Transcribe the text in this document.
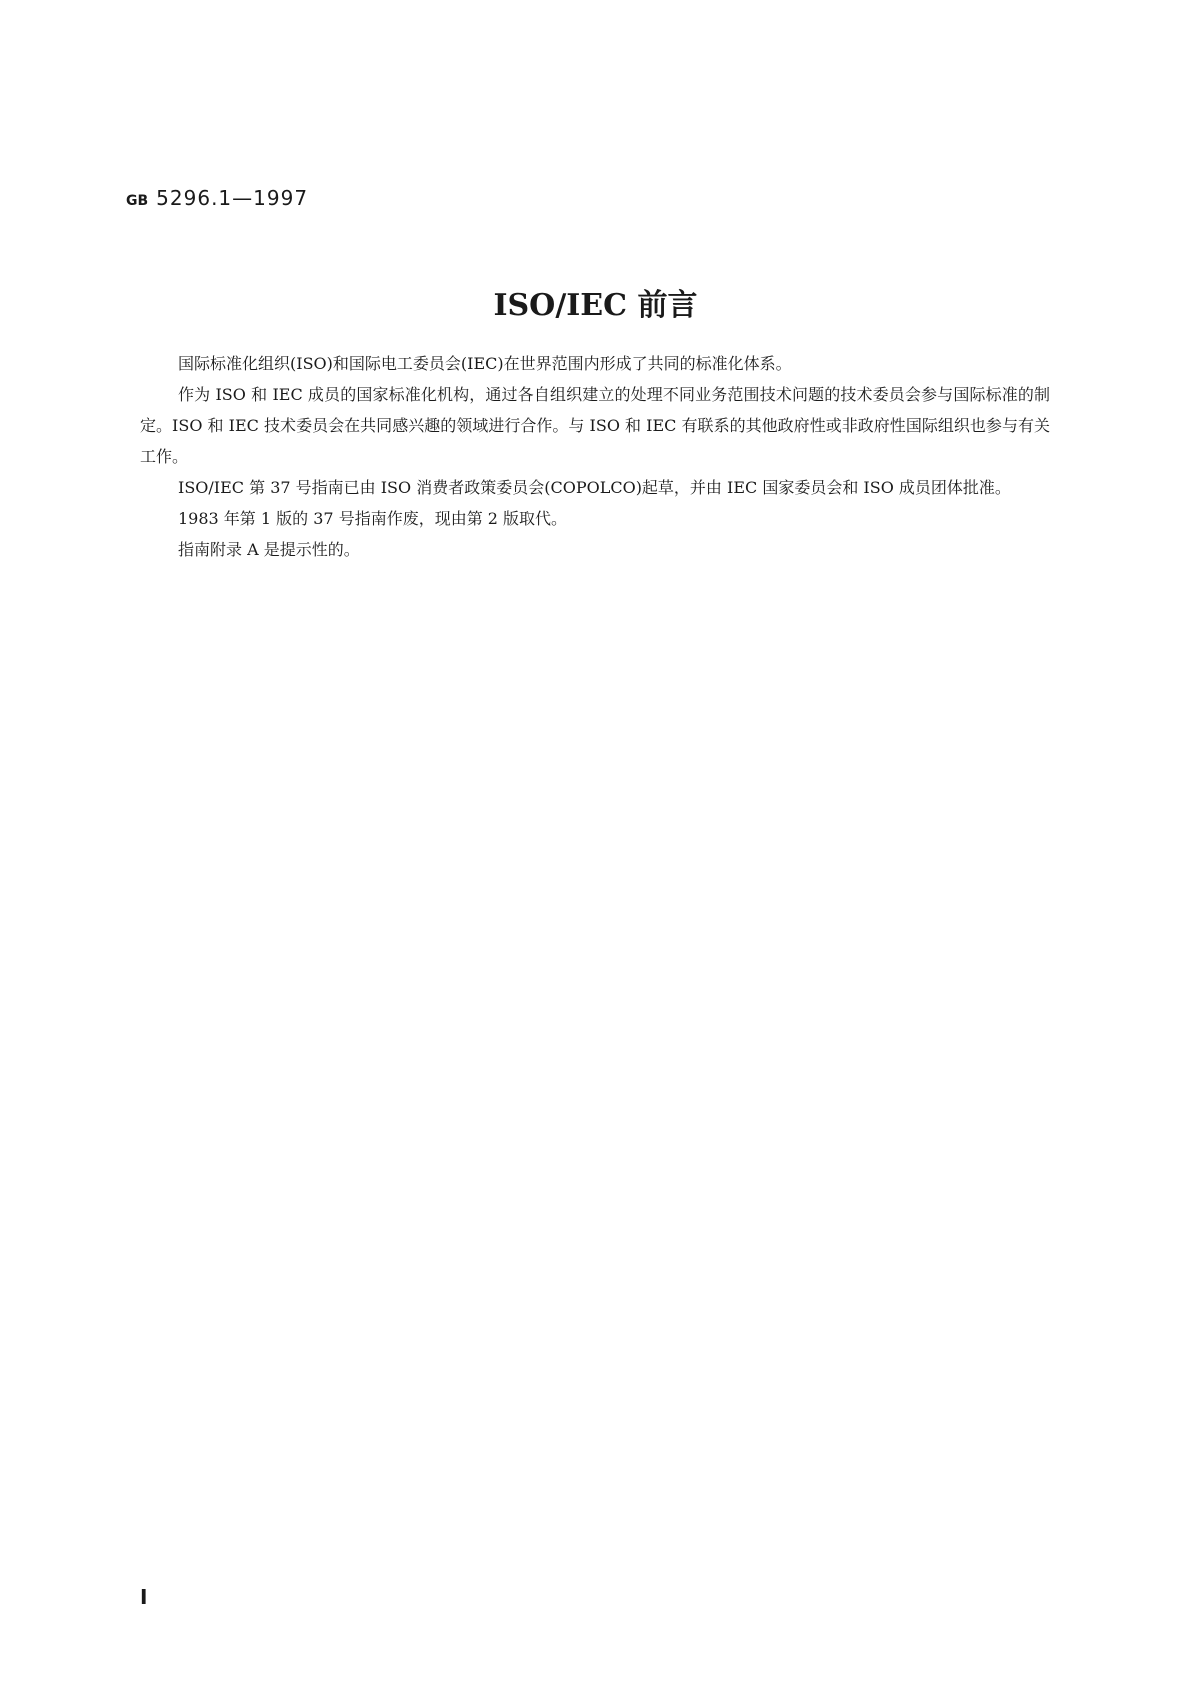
GB 5296.1—1997
ISO/IEC 前言

国际标准化组织(ISO)和国际电工委员会(IEC)在世界范围内形成了共同的标准化体系。

作为 ISO 和 IEC 成员的国家标准化机构，通过各自组织建立的处理不同业务范围技术问题的技术委员会参与国际标准的制定。ISO 和 IEC 技术委员会在共同感兴趣的领域进行合作。与 ISO 和 IEC 有联系的其他政府性或非政府性国际组织也参与有关工作。

ISO/IEC 第 37 号指南已由 ISO 消费者政策委员会(COPOLCO)起草，并由 IEC 国家委员会和 ISO 成员团体批准。

1983 年第 1 版的 37 号指南作废，现由第 2 版取代。

指南附录 A 是提示性的。

I
